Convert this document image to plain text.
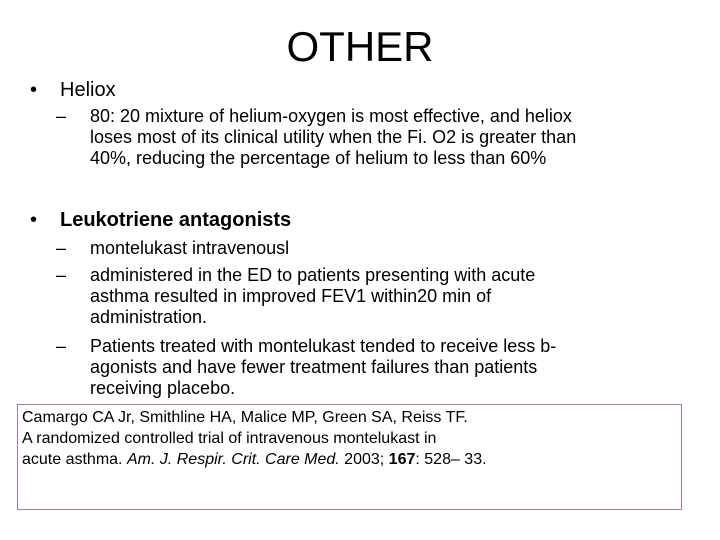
OTHER
• Heliox
– 80: 20 mixture of helium-oxygen is most effective, and heliox
loses most of its clinical utility when the Fi. O2 is greater than
40%, reducing the percentage of helium to less than 60%
• Leukotriene antagonists
– montelukast intravenousl
– administered in the ED to patients presenting with acute
asthma resulted in improved FEV1 within20 min of
administration.
– Patients treated with montelukast tended to receive less b-
agonists and have fewer treatment failures than patients
receiving placebo.
Camargo CA Jr, Smithline HA, Malice MP, Green SA, Reiss TF.
A randomized controlled trial of intravenous montelukast in
acute asthma. Am. J. Respir. Crit. Care Med. 2003; 167: 528– 33.
